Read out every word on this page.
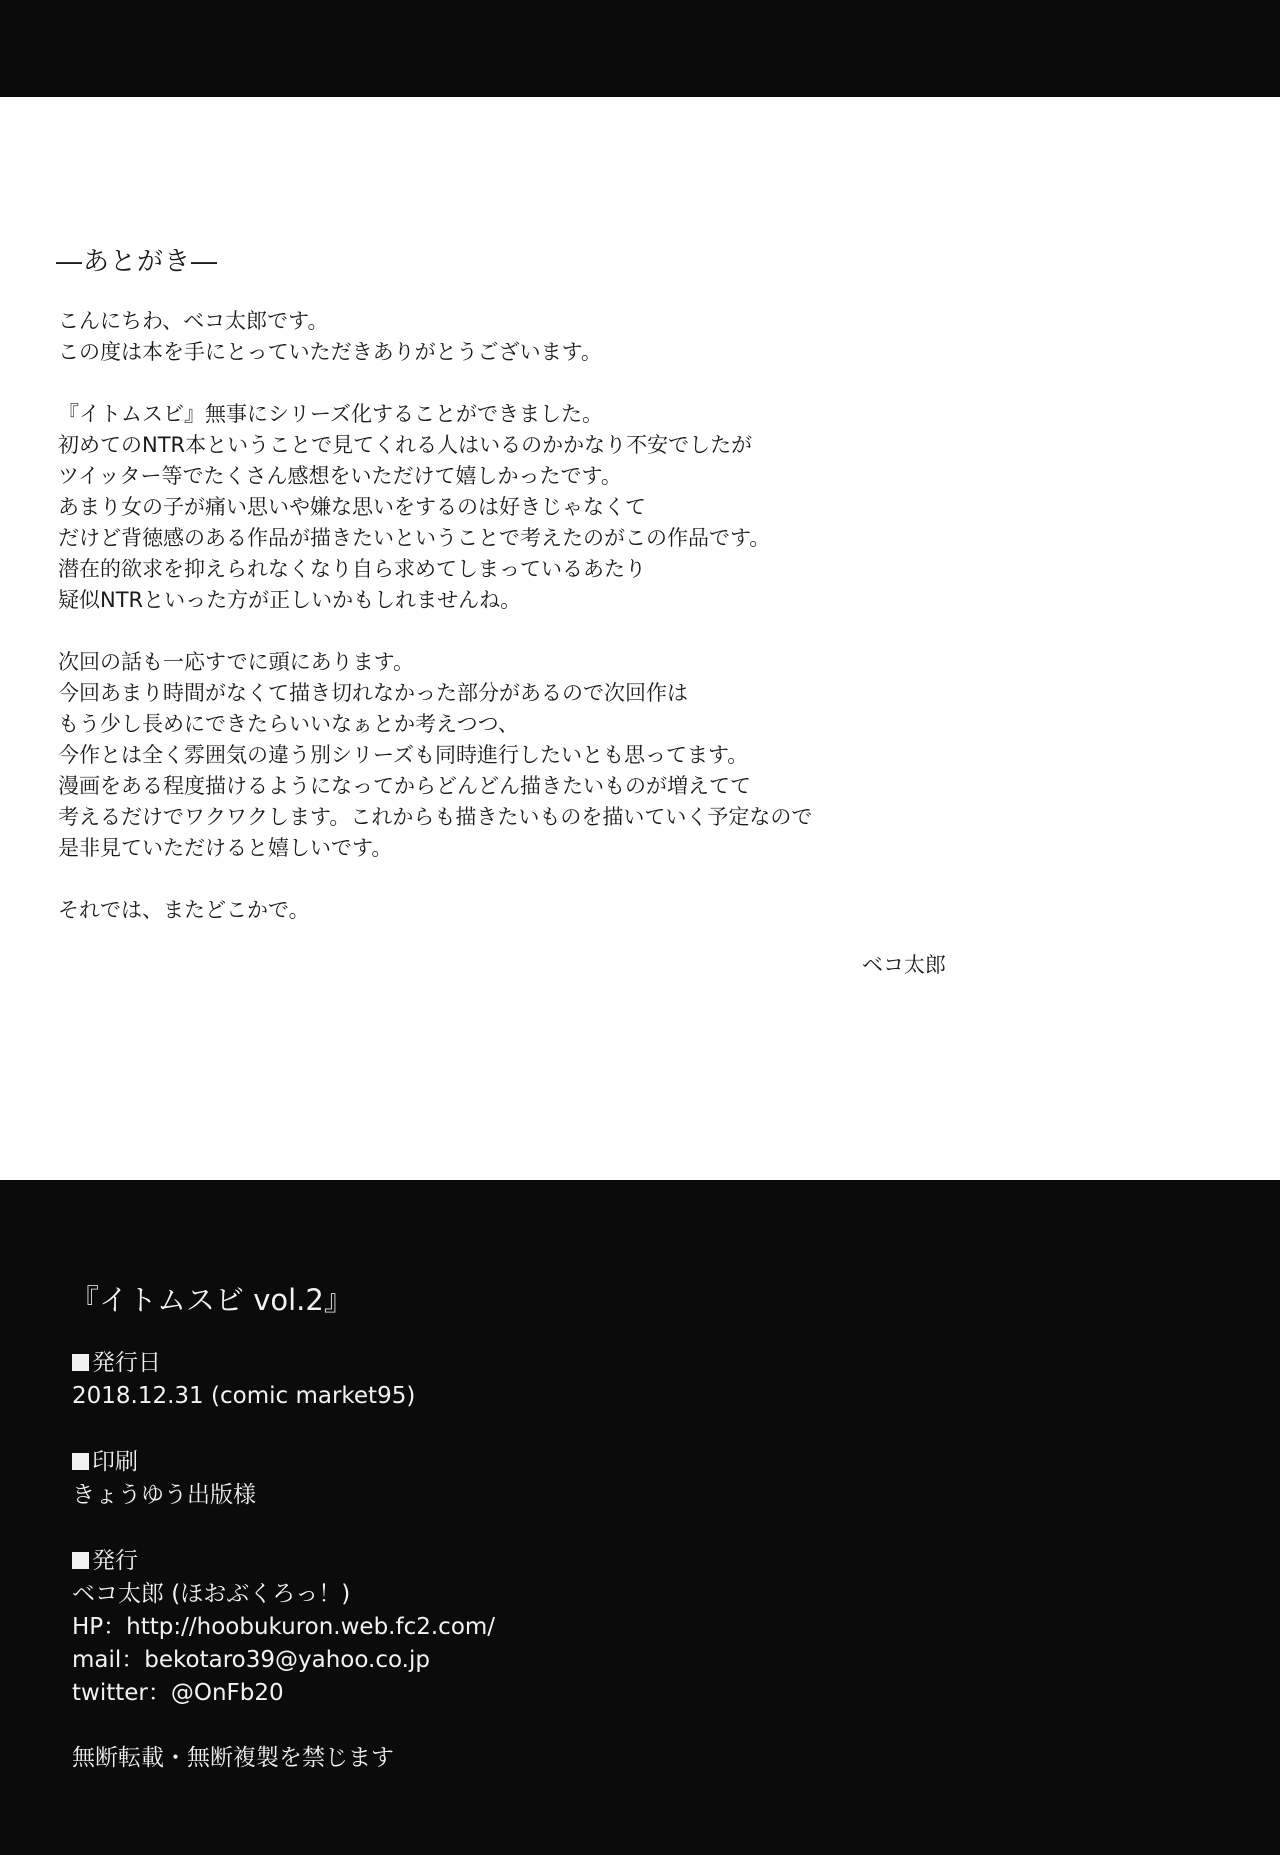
―あとがき―

こんにちわ、ベコ太郎です。
この度は本を手にとっていただきありがとうございます。

『イトムスビ』無事にシリーズ化することができました。
初めてのNTR本ということで見てくれる人はいるのかかなり不安でしたが
ツイッター等でたくさん感想をいただけて嬉しかったです。
あまり女の子が痛い思いや嫌な思いをするのは好きじゃなくて
だけど背徳感のある作品が描きたいということで考えたのがこの作品です。
潜在的欲求を抑えられなくなり自ら求めてしまっているあたり
疑似NTRといった方が正しいかもしれませんね。

次回の話も一応すでに頭にあります。
今回あまり時間がなくて描き切れなかった部分があるので次回作は
もう少し長めにできたらいいなぁとか考えつつ、
今作とは全く雰囲気の違う別シリーズも同時進行したいとも思ってます。
漫画をある程度描けるようになってからどんどん描きたいものが増えてて
考えるだけでワクワクします。これからも描きたいものを描いていく予定なので
是非見ていただけると嬉しいです。

それでは、またどこかで。

ベコ太郎
『イトムスビ vol.2』
発行日
2018.12.31 (comic market95)
印刷
きょうゆう出版様
発行
ベコ太郎 (ほおぶくろっ！)
HP：http://hoobukuron.web.fc2.com/
mail：bekotaro39@yahoo.co.jp
twitter：@OnFb20
無断転載・無断複製を禁じます
